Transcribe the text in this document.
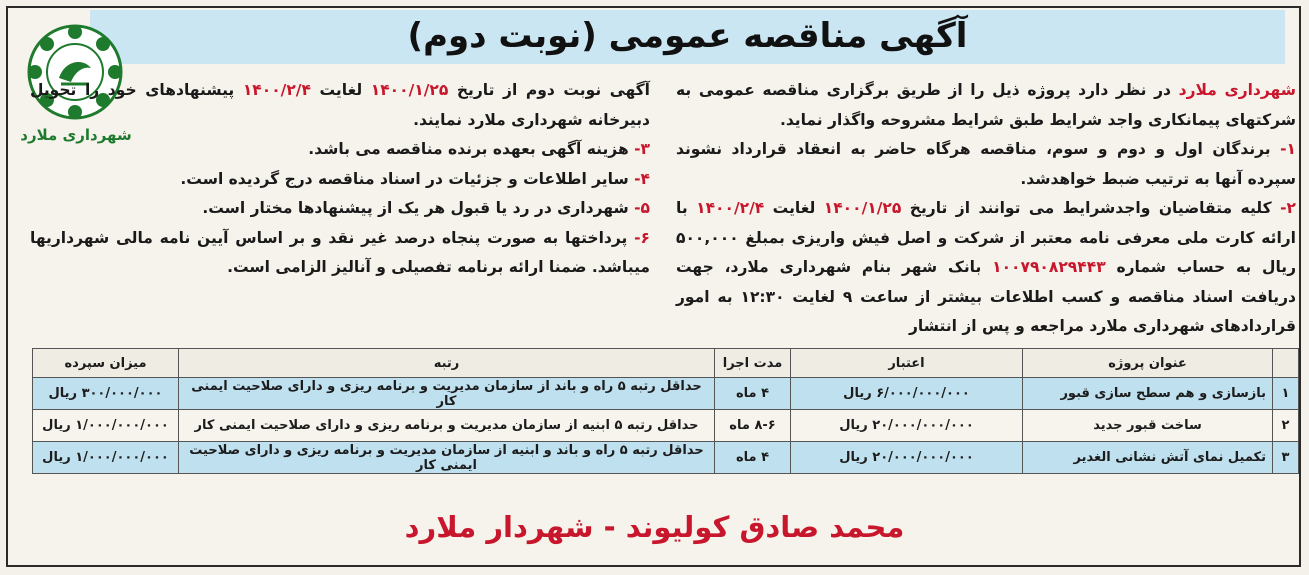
آگهی مناقصه عمومی (نوبت دوم)
شهرداری ملارد

شهرداری ملارد در نظر دارد پروژه ذیل را از طریق برگزاری مناقصه عمومی به شرکتهای پیمانکاری واجد شرایط طبق شرایط مشروحه واگذار نماید.

۱- برندگان اول و دوم و سوم، مناقصه هرگاه حاضر به انعقاد قرارداد نشوند سپرده آنها به ترتیب ضبط خواهدشد.

۲- کلیه متقاضیان واجدشرایط می توانند از تاریخ ۱۴۰۰/۱/۲۵ لغایت ۱۴۰۰/۲/۴ با ارائه کارت ملی معرفی نامه معتبر از شرکت و اصل فیش واریزی بمبلغ ۵۰۰,۰۰۰ ریال به حساب شماره ۱۰۰۷۹۰۸۲۹۴۴۳ بانک شهر بنام شهرداری ملارد، جهت دریافت اسناد مناقصه و کسب اطلاعات بیشتر از ساعت ۹ لغایت ۱۲:۳۰ به امور قراردادهای شهرداری ملارد مراجعه و پس از انتشار

آگهی نوبت دوم از تاریخ ۱۴۰۰/۱/۲۵ لغایت ۱۴۰۰/۲/۴ پیشنهادهای خود را تحویل دبیرخانه شهرداری ملارد نمایند.

۳- هزینه آگهی بعهده برنده مناقصه می باشد.

۴- سایر اطلاعات و جزئیات در اسناد مناقصه درج گردیده است.

۵- شهرداری در رد یا قبول هر یک از پیشنهادها مختار است.

۶- پرداختها به صورت پنجاه درصد غیر نقد و بر اساس آیین نامه مالی شهرداریها میباشد. ضمنا ارائه برنامه تفصیلی و آنالیز الزامی است.

	عنوان پروژه	اعتبار	مدت اجرا	رتبه	میزان سپرده
۱	بازسازی و هم سطح سازی قبور	۶/۰۰۰/۰۰۰/۰۰۰ ریال	۴ ماه	حداقل رتبه ۵ راه و باند از سازمان مدیریت و برنامه ریزی و دارای صلاحیت ایمنی کار	۳۰۰/۰۰۰/۰۰۰ ریال
۲	ساخت قبور جدید	۲۰/۰۰۰/۰۰۰/۰۰۰ ریال	۸-۶ ماه	حداقل رتبه ۵ ابنیه از سازمان مدیریت و برنامه ریزی و دارای صلاحیت ایمنی کار	۱/۰۰۰/۰۰۰/۰۰۰ ریال
۳	تکمیل نمای آتش نشانی الغدیر	۲۰/۰۰۰/۰۰۰/۰۰۰ ریال	۴ ماه	حداقل رتبه ۵ راه و باند و ابنیه از سازمان مدیریت و برنامه ریزی و دارای صلاحیت ایمنی کار	۱/۰۰۰/۰۰۰/۰۰۰ ریال
محمد صادق کولیوند - شهردار ملارد
